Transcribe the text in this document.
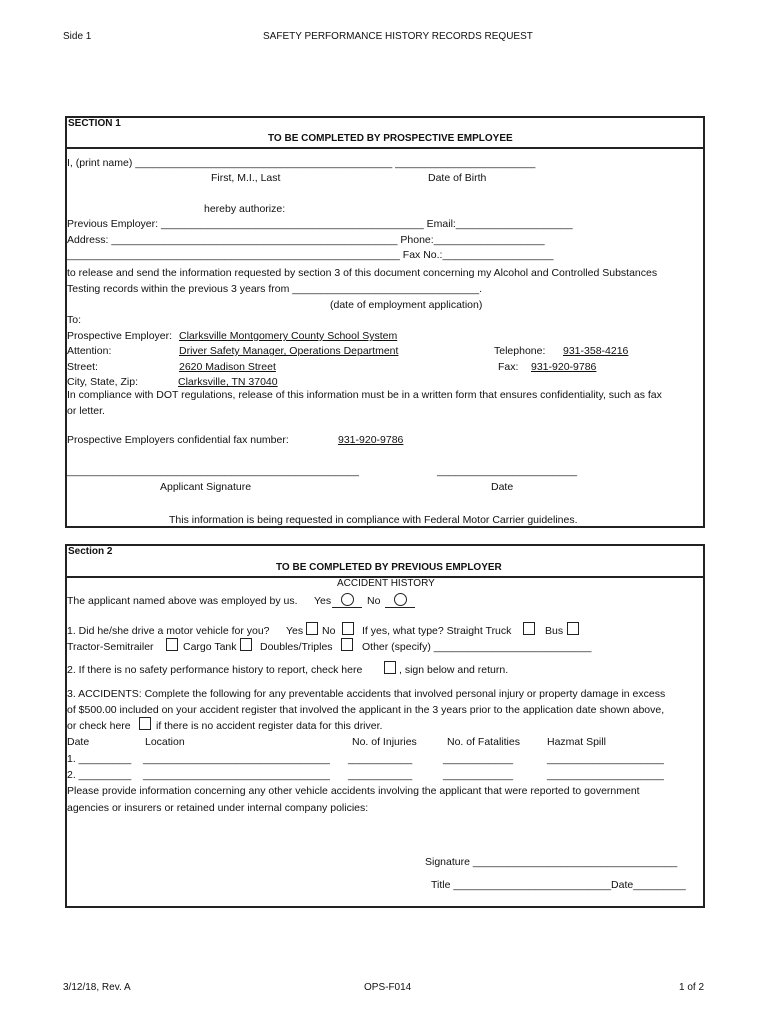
Side 1	SAFETY PERFORMANCE HISTORY RECORDS REQUEST
SECTION 1
TO BE COMPLETED BY PROSPECTIVE EMPLOYEE
I, (print name) ____________________________________________ ________________________
First, M.I., Last	Date of Birth
hereby authorize:
Previous Employer: _____________________________________________ Email:____________________
Address: _________________________________________________ Phone:___________________
_________________________________________________________ Fax No.:___________________
to release and send the information requested by section 3 of this document concerning my Alcohol and Controlled Substances
Testing records within the previous 3 years from ________________________________.
(date of employment application)
To:
Prospective Employer: Clarksville Montgomery County School System
Attention:	Driver Safety Manager, Operations Department	Telephone: 931-358-4216
Street:	2620 Madison Street	Fax: 931-920-9786
City, State, Zip:	Clarksville, TN 37040
In compliance with DOT regulations, release of this information must be in a written form that ensures confidentiality, such as fax
or letter.
Prospective Employers confidential fax number:	931-920-9786
__________________________________________________	________________________
Applicant Signature	Date
This information is being requested in compliance with Federal Motor Carrier guidelines.
Section 2
TO BE COMPLETED BY PREVIOUS EMPLOYER
ACCIDENT HISTORY
The applicant named above was employed by us. Yes	No
1. Did he/she drive a motor vehicle for you? Yes No	If yes, what type? Straight Truck	Bus
Tractor-Semitrailer	Cargo Tank Doubles/Triples	Other (specify) ___________________________
2. If there is no safety performance history to report, check here	, sign below and return.
3. ACCIDENTS: Complete the following for any preventable accidents that involved personal injury or property damage in excess
of $500.00 included on your accident register that involved the applicant in the 3 years prior to the application date shown above,
or check here if there is no accident register data for this driver.
Date	Location	No. of Injuries	No. of Fatalities	Hazmat Spill
1. _________ ________________________________ ___________	____________	____________________
2. _________ ________________________________ ___________	____________	____________________
Please provide information concerning any other vehicle accidents involving the applicant that were reported to government
agencies or insurers or retained under internal company policies:
Signature ___________________________________
Title ___________________________Date_________
3/12/18, Rev. A	OPS-F014	1 of 2
